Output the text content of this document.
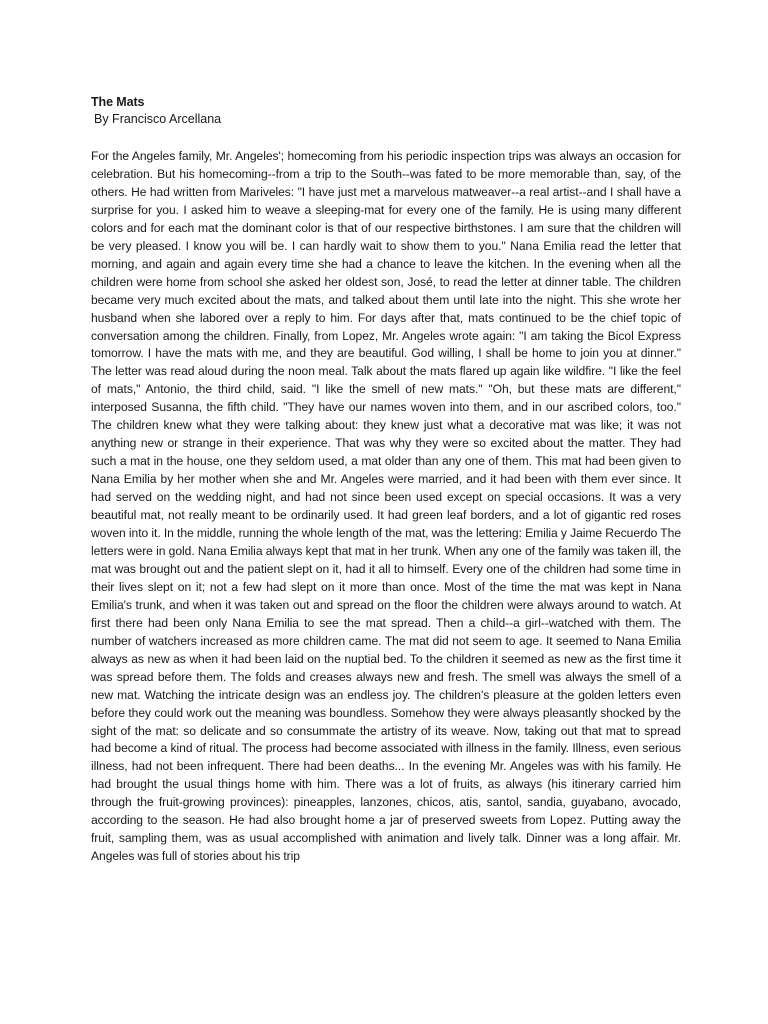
The Mats
By Francisco Arcellana
For the Angeles family, Mr. Angeles'; homecoming from his periodic inspection trips was always an occasion for celebration. But his homecoming--from a trip to the South--was fated to be more memorable than, say, of the others. He had written from Mariveles: "I have just met a marvelous matweaver--a real artist--and I shall have a surprise for you. I asked him to weave a sleeping-mat for every one of the family. He is using many different colors and for each mat the dominant color is that of our respective birthstones. I am sure that the children will be very pleased. I know you will be. I can hardly wait to show them to you." Nana Emilia read the letter that morning, and again and again every time she had a chance to leave the kitchen. In the evening when all the children were home from school she asked her oldest son, José, to read the letter at dinner table. The children became very much excited about the mats, and talked about them until late into the night. This she wrote her husband when she labored over a reply to him. For days after that, mats continued to be the chief topic of conversation among the children. Finally, from Lopez, Mr. Angeles wrote again: "I am taking the Bicol Express tomorrow. I have the mats with me, and they are beautiful. God willing, I shall be home to join you at dinner." The letter was read aloud during the noon meal. Talk about the mats flared up again like wildfire. "I like the feel of mats," Antonio, the third child, said. "I like the smell of new mats." "Oh, but these mats are different," interposed Susanna, the fifth child. "They have our names woven into them, and in our ascribed colors, too." The children knew what they were talking about: they knew just what a decorative mat was like; it was not anything new or strange in their experience. That was why they were so excited about the matter. They had such a mat in the house, one they seldom used, a mat older than any one of them. This mat had been given to Nana Emilia by her mother when she and Mr. Angeles were married, and it had been with them ever since. It had served on the wedding night, and had not since been used except on special occasions. It was a very beautiful mat, not really meant to be ordinarily used. It had green leaf borders, and a lot of gigantic red roses woven into it. In the middle, running the whole length of the mat, was the lettering: Emilia y Jaime Recuerdo The letters were in gold. Nana Emilia always kept that mat in her trunk. When any one of the family was taken ill, the mat was brought out and the patient slept on it, had it all to himself. Every one of the children had some time in their lives slept on it; not a few had slept on it more than once. Most of the time the mat was kept in Nana Emilia's trunk, and when it was taken out and spread on the floor the children were always around to watch. At first there had been only Nana Emilia to see the mat spread. Then a child--a girl--watched with them. The number of watchers increased as more children came. The mat did not seem to age. It seemed to Nana Emilia always as new as when it had been laid on the nuptial bed. To the children it seemed as new as the first time it was spread before them. The folds and creases always new and fresh. The smell was always the smell of a new mat. Watching the intricate design was an endless joy. The children's pleasure at the golden letters even before they could work out the meaning was boundless. Somehow they were always pleasantly shocked by the sight of the mat: so delicate and so consummate the artistry of its weave. Now, taking out that mat to spread had become a kind of ritual. The process had become associated with illness in the family. Illness, even serious illness, had not been infrequent. There had been deaths... In the evening Mr. Angeles was with his family. He had brought the usual things home with him. There was a lot of fruits, as always (his itinerary carried him through the fruit-growing provinces): pineapples, lanzones, chicos, atis, santol, sandia, guyabano, avocado, according to the season. He had also brought home a jar of preserved sweets from Lopez. Putting away the fruit, sampling them, was as usual accomplished with animation and lively talk. Dinner was a long affair. Mr. Angeles was full of stories about his trip
